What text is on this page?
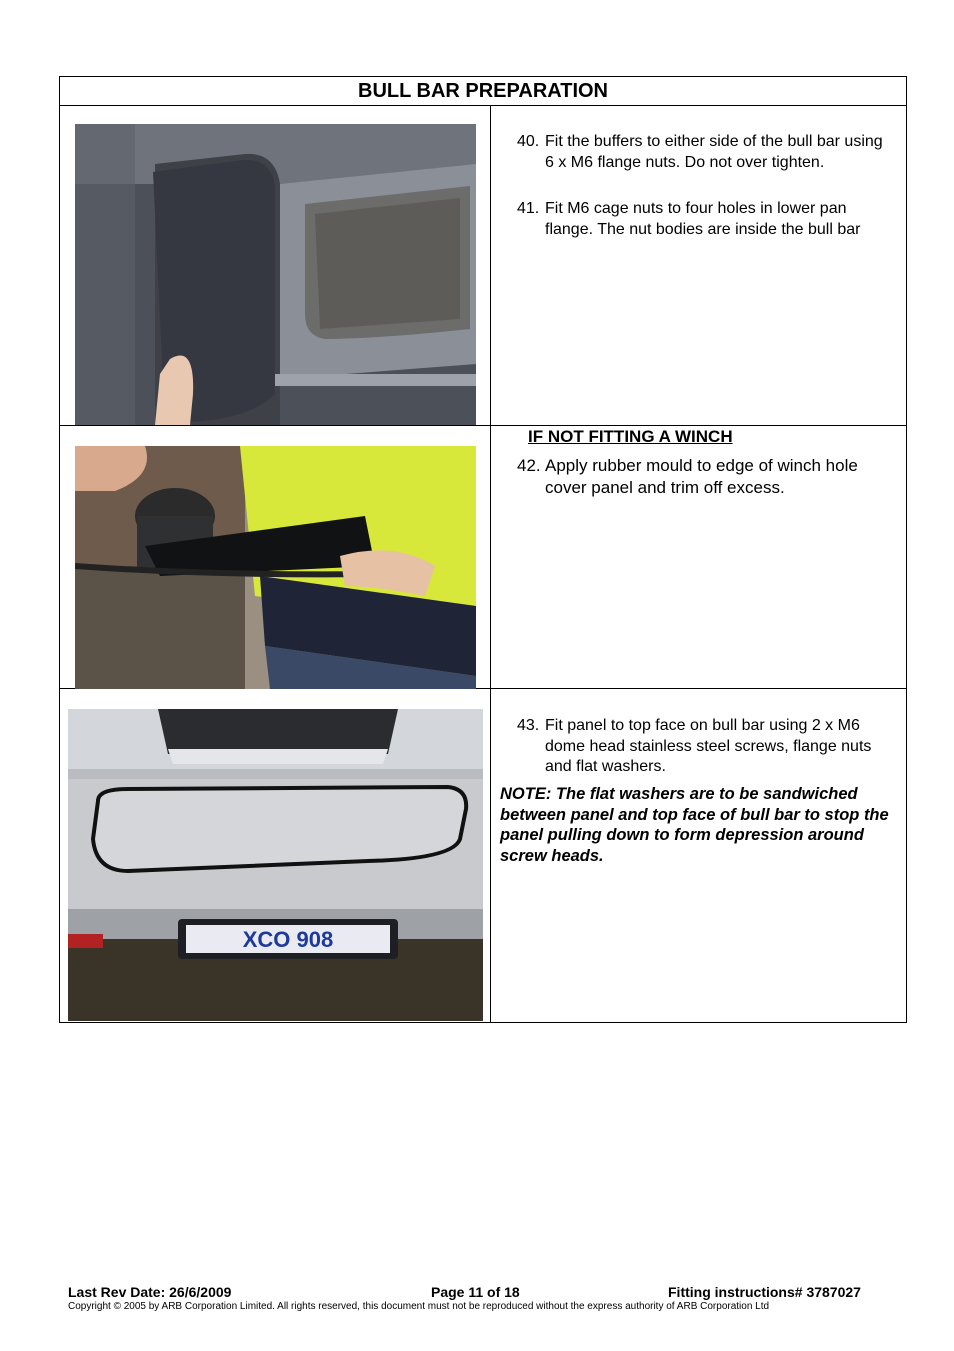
BULL BAR PREPARATION
40. Fit the buffers to either side of the bull bar using 6 x M6 flange nuts. Do not over tighten.
41. Fit M6 cage nuts to four holes in lower pan flange. The nut bodies are inside the bull bar
IF NOT FITTING A WINCH
42. Apply rubber mould to edge of winch hole cover panel and trim off excess.
XCO 908
43. Fit panel to top face on bull bar using 2 x M6 dome head stainless steel screws, flange nuts and flat washers.
NOTE: The flat washers are to be sandwiched between panel and top face of bull bar to stop the panel pulling down to form depression around screw heads.
Last Rev Date: 26/6/2009	Page 11 of 18	Fitting instructions# 3787027
Copyright © 2005 by ARB Corporation Limited. All rights reserved, this document must not be reproduced without the express authority of ARB Corporation Ltd
